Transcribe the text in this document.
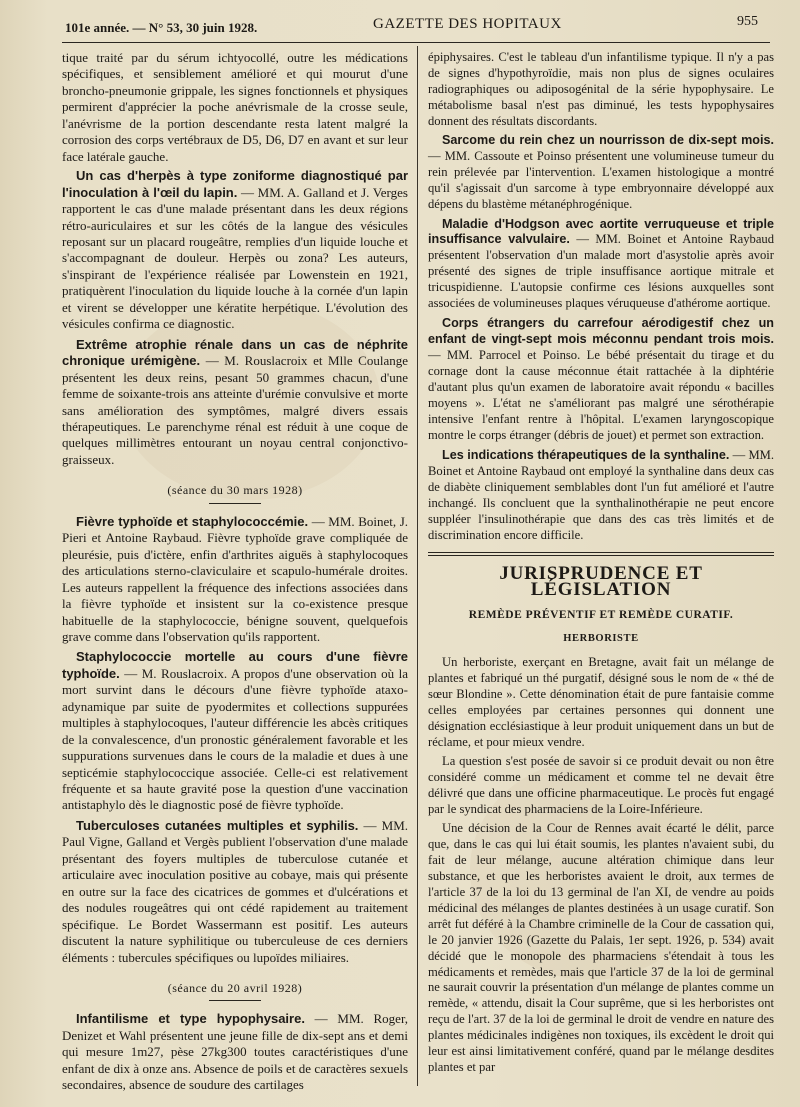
101e année. — N° 53, 30 juin 1928.	GAZETTE DES HOPITAUX	955

tique traité par du sérum ichtyocollé, outre les médications spécifiques, et sensiblement amélioré et qui mourut d'une broncho-pneumonie grippale, les signes fonctionnels et physiques permirent d'apprécier la poche anévrismale de la crosse seule, l'anévrisme de la portion descendante resta latent malgré la corrosion des corps vertébraux de D5, D6, D7 en avant et sur leur face latérale gauche.

Un cas d'herpès à type zoniforme diagnostiqué par l'inoculation à l'œil du lapin. — MM. A. Galland et J. Verges rapportent le cas d'une malade présentant dans les deux régions rétro-auriculaires et sur les côtés de la langue des vésicules reposant sur un placard rougeâtre, remplies d'un liquide louche et s'accompagnant de douleur. Herpès ou zona? Les auteurs, s'inspirant de l'expérience réalisée par Lowenstein en 1921, pratiquèrent l'inoculation du liquide louche à la cornée d'un lapin et virent se développer une kératite herpétique. L'évolution des vésicules confirma ce diagnostic.
Extrême atrophie rénale dans un cas de néphrite chronique urémigène. — M. Rouslacroix et Mlle Coulange présentent les deux reins, pesant 50 grammes chacun, d'une femme de soixante-trois ans atteinte d'urémie convulsive et morte sans amélioration des symptômes, malgré divers essais thérapeutiques. Le parenchyme rénal est réduit à une coque de quelques millimètres entourant un noyau central conjonctivo-graisseux.
(séance du 30 mars 1928)
Fièvre typhoïde et staphylococcémie. — MM. Boinet, J. Pieri et Antoine Raybaud. Fièvre typhoïde grave compliquée de pleurésie, puis d'ictère, enfin d'arthrites aiguës à staphylocoques des articulations sterno-claviculaire et scapulo-humérale droites. Les auteurs rappellent la fréquence des infections associées dans la fièvre typhoïde et insistent sur la co-existence presque habituelle de la staphylococcie, bénigne souvent, quelquefois grave comme dans l'observation qu'ils rapportent.
Staphylococcie mortelle au cours d'une fièvre typhoïde. — M. Rouslacroix. A propos d'une observation où la mort survint dans le décours d'une fièvre typhoïde ataxo-adynamique par suite de pyodermites et collections suppurées multiples à staphylocoques, l'auteur différencie les abcès critiques de la convalescence, d'un pronostic généralement favorable et les suppurations survenues dans le cours de la maladie et dues à une septicémie staphylococcique associée. Celle-ci est relativement fréquente et sa haute gravité pose la question d'une vaccination antistaphylo dès le diagnostic posé de fièvre typhoïde.
Tuberculoses cutanées multiples et syphilis. — MM. Paul Vigne, Galland et Vergès publient l'observation d'une malade présentant des foyers multiples de tuberculose cutanée et articulaire avec inoculation positive au cobaye, mais qui présente en outre sur la face des cicatrices de gommes et d'ulcérations et des nodules rougeâtres qui ont cédé rapidement au traitement spécifique. Le Bordet Wassermann est positif. Les auteurs discutent la nature syphilitique ou tuberculeuse de ces derniers éléments : tubercules spécifiques ou lupoïdes miliaires.
(séance du 20 avril 1928)
Infantilisme et type hypophysaire. — MM. Roger, Denizet et Wahl présentent une jeune fille de dix-sept ans et demi qui mesure 1m27, pèse 27kg300 toutes caractéristiques d'une enfant de dix à onze ans. Absence de poils et de caractères sexuels secondaires, absence de soudure des cartilages

épiphysaires. C'est le tableau d'un infantilisme typique. Il n'y a pas de signes d'hypothyroïdie, mais non plus de signes oculaires radiographiques ou adiposogénital de la série hypophysaire. Le métabolisme basal n'est pas diminué, les tests hypophysaires donnent des résultats discordants.

Sarcome du rein chez un nourrisson de dix-sept mois. — MM. Cassoute et Poinso présentent une volumineuse tumeur du rein prélevée par l'intervention. L'examen histologique a montré qu'il s'agissait d'un sarcome à type embryonnaire développé aux dépens du blastème métanéphrogénique.
Maladie d'Hodgson avec aortite verruqueuse et triple insuffisance valvulaire. — MM. Boinet et Antoine Raybaud présentent l'observation d'un malade mort d'asystolie après avoir présenté des signes de triple insuffisance aortique mitrale et tricuspidienne. L'autopsie confirme ces lésions auxquelles sont associées de volumineuses plaques véruqueuse d'athérome aortique.
Corps étrangers du carrefour aérodigestif chez un enfant de vingt-sept mois méconnu pendant trois mois. — MM. Parrocel et Poinso. Le bébé présentait du tirage et du cornage dont la cause méconnue était rattachée à la diphtérie d'autant plus qu'un examen de laboratoire avait répondu « bacilles moyens ». L'état ne s'améliorant pas malgré une sérothérapie intensive l'enfant rentre à l'hôpital. L'examen laryngoscopique montre le corps étranger (débris de jouet) et permet son extraction.
Les indications thérapeutiques de la synthaline. — MM. Boinet et Antoine Raybaud ont employé la synthaline dans deux cas de diabète cliniquement semblables dont l'un fut amélioré et l'autre inchangé. Ils concluent que la synthalinothérapie ne peut encore suppléer l'insulinothérapie que dans des cas très limités et de discrimination encore difficile.
JURISPRUDENCE ET LÉGISLATION
REMÈDE PRÉVENTIF ET REMÈDE CURATIF.
HERBORISTE

Un herboriste, exerçant en Bretagne, avait fait un mélange de plantes et fabriqué un thé purgatif, désigné sous le nom de « thé de sœur Blondine ». Cette dénomination était de pure fantaisie comme celles employées par certaines personnes qui donnent une désignation ecclésiastique à leur produit uniquement dans un but de réclame, et pour mieux vendre.

La question s'est posée de savoir si ce produit devait ou non être considéré comme un médicament et comme tel ne devait être délivré que dans une officine pharmaceutique. Le procès fut engagé par le syndicat des pharmaciens de la Loire-Inférieure.

Une décision de la Cour de Rennes avait écarté le délit, parce que, dans le cas qui lui était soumis, les plantes n'avaient subi, du fait de leur mélange, aucune altération chimique dans leur substance, et que les herboristes avaient le droit, aux termes de l'article 37 de la loi du 13 germinal de l'an XI, de vendre au poids médicinal des mélanges de plantes destinées à un usage curatif. Son arrêt fut déféré à la Chambre criminelle de la Cour de cassation qui, le 20 janvier 1926 (Gazette du Palais, 1er sept. 1926, p. 534) avait décidé que le monopole des pharmaciens s'étendait à tous les médicaments et remèdes, mais que l'article 37 de la loi de germinal ne saurait couvrir la présentation d'un mélange de plantes comme un remède, « attendu, disait la Cour suprême, que si les herboristes ont reçu de l'art. 37 de la loi de germinal le droit de vendre en nature des plantes médicinales indigènes non toxiques, ils excèdent le droit qui leur est ainsi limitativement conféré, quand par le mélange desdites plantes et par
